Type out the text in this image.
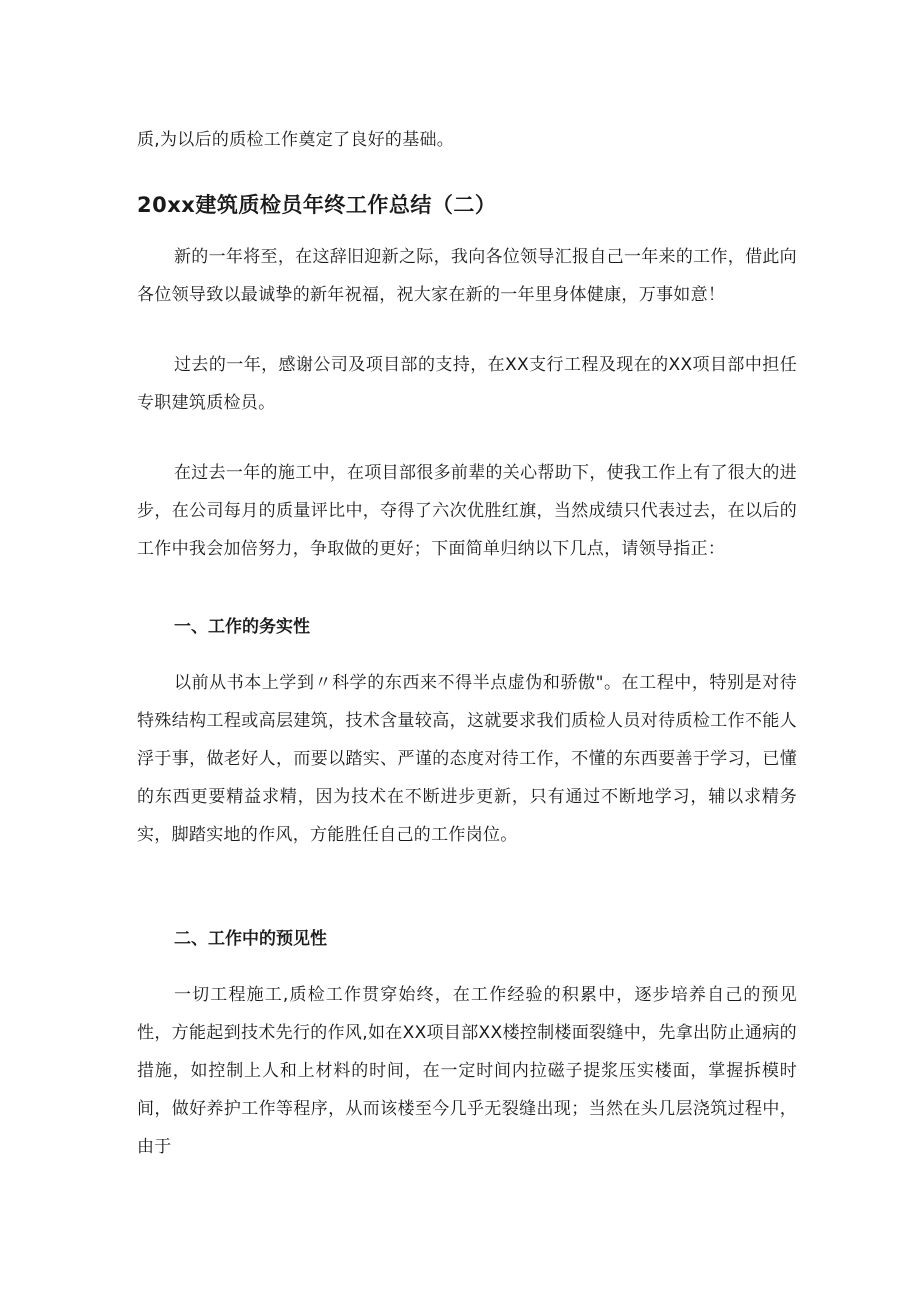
质,为以后的质检工作奠定了良好的基础。

20xx建筑质检员年终工作总结（二）

新的一年将至，在这辞旧迎新之际，我向各位领导汇报自己一年来的工作，借此向各位领导致以最诚挚的新年祝福，祝大家在新的一年里身体健康，万事如意！

过去的一年，感谢公司及项目部的支持，在XX支行工程及现在的XX项目部中担任专职建筑质检员。

在过去一年的施工中，在项目部很多前辈的关心帮助下，使我工作上有了很大的进步，在公司每月的质量评比中，夺得了六次优胜红旗，当然成绩只代表过去，在以后的工作中我会加倍努力，争取做的更好；下面简单归纳以下几点，请领导指正：

一、工作的务实性

以前从书本上学到〃科学的东西来不得半点虚伪和骄傲"。在工程中，特别是对待特殊结构工程或高层建筑，技术含量较高，这就要求我们质检人员对待质检工作不能人浮于事，做老好人，而要以踏实、严谨的态度对待工作，不懂的东西要善于学习，已懂的东西更要精益求精，因为技术在不断进步更新，只有通过不断地学习，辅以求精务实，脚踏实地的作风，方能胜任自己的工作岗位。

二、工作中的预见性

一切工程施工,质检工作贯穿始终，在工作经验的积累中，逐步培养自己的预见性，方能起到技术先行的作风,如在XX项目部XX楼控制楼面裂缝中，先拿出防止通病的措施，如控制上人和上材料的时间，在一定时间内拉磁子提浆压实楼面，掌握拆模时间，做好养护工作等程序，从而该楼至今几乎无裂缝出现；当然在头几层浇筑过程中，由于
